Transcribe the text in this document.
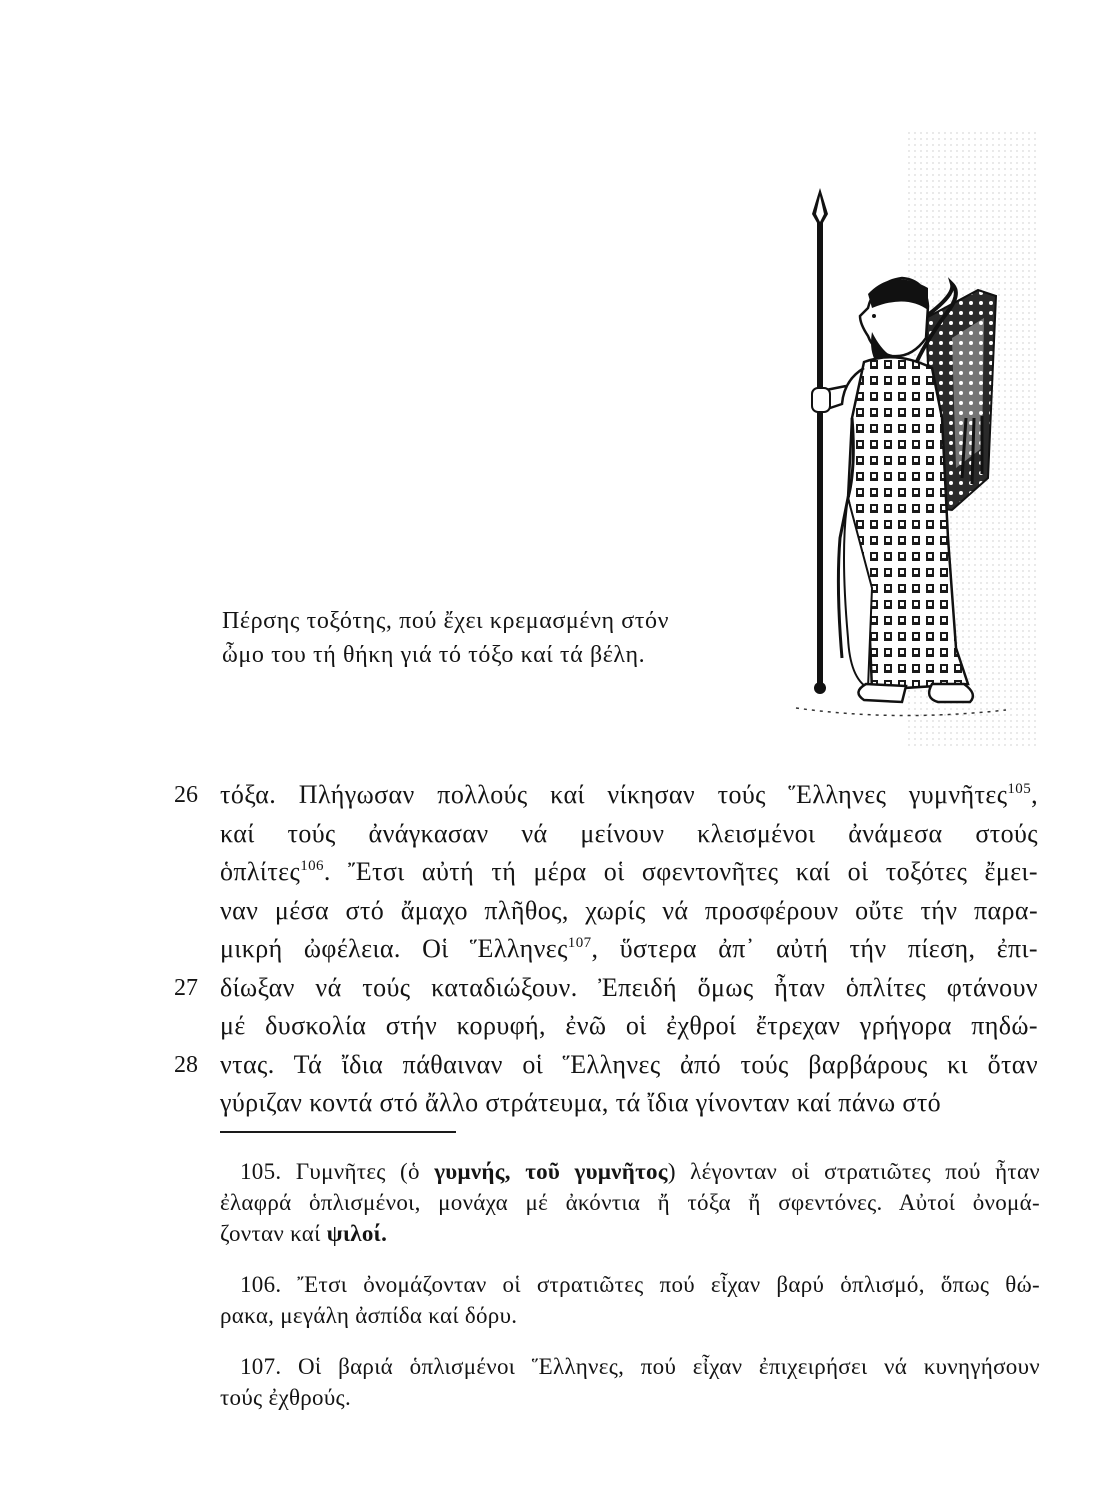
Πέρσης τοξότης, πού ἔχει κρεμασμένη στόν
ὦμο του τή θήκη γιά τό τόξο καί τά βέλη.
26 τόξα. Πλήγωσαν πολλούς καί νίκησαν τούς Ἕλληνες γυμνῆτες$^{105}$,
καί τούς ἀνάγκασαν νά μείνουν κλεισμένοι ἀνάμεσα στούς
ὁπλίτες$^{106}$. Ἔτσι αὐτή τή μέρα οἱ σφεντονῆτες καί οἱ τοξότες ἔμει-
ναν μέσα στό ἄμαχο πλῆθος, χωρίς νά προσφέρουν οὔτε τήν παρα-
μικρή ὠφέλεια. Οἱ Ἕλληνες$^{107}$, ὕστερα ἀπ᾽ αὐτή τήν πίεση, ἐπι-
27 δίωξαν νά τούς καταδιώξουν. Ἐπειδή ὅμως ἦταν ὁπλίτες φτάνουν
μέ δυσκολία στήν κορυφή, ἐνῶ οἱ ἐχθροί ἔτρεχαν γρήγορα πηδώ-
28 ντας. Τά ἴδια πάθαιναν οἱ Ἕλληνες ἀπό τούς βαρβάρους κι ὅταν
γύριζαν κοντά στό ἄλλο στράτευμα, τά ἴδια γίνονταν καί πάνω στό
105. Γυμνῆτες (ὁ γυμνής, τοῦ γυμνῆτος) λέγονταν οἱ στρατιῶτες πού ἦταν
ἐλαφρά ὁπλισμένοι, μονάχα μέ ἀκόντια ἤ τόξα ἤ σφεντόνες. Αὐτοί ὀνομά-
ζονταν καί ψιλοί.
106. Ἔτσι ὀνομάζονταν οἱ στρατιῶτες πού εἶχαν βαρύ ὁπλισμό, ὅπως θώ-
ρακα, μεγάλη ἀσπίδα καί δόρυ.
107. Οἱ βαριά ὁπλισμένοι Ἕλληνες, πού εἶχαν ἐπιχειρήσει νά κυνηγήσουν
τούς ἐχθρούς.
